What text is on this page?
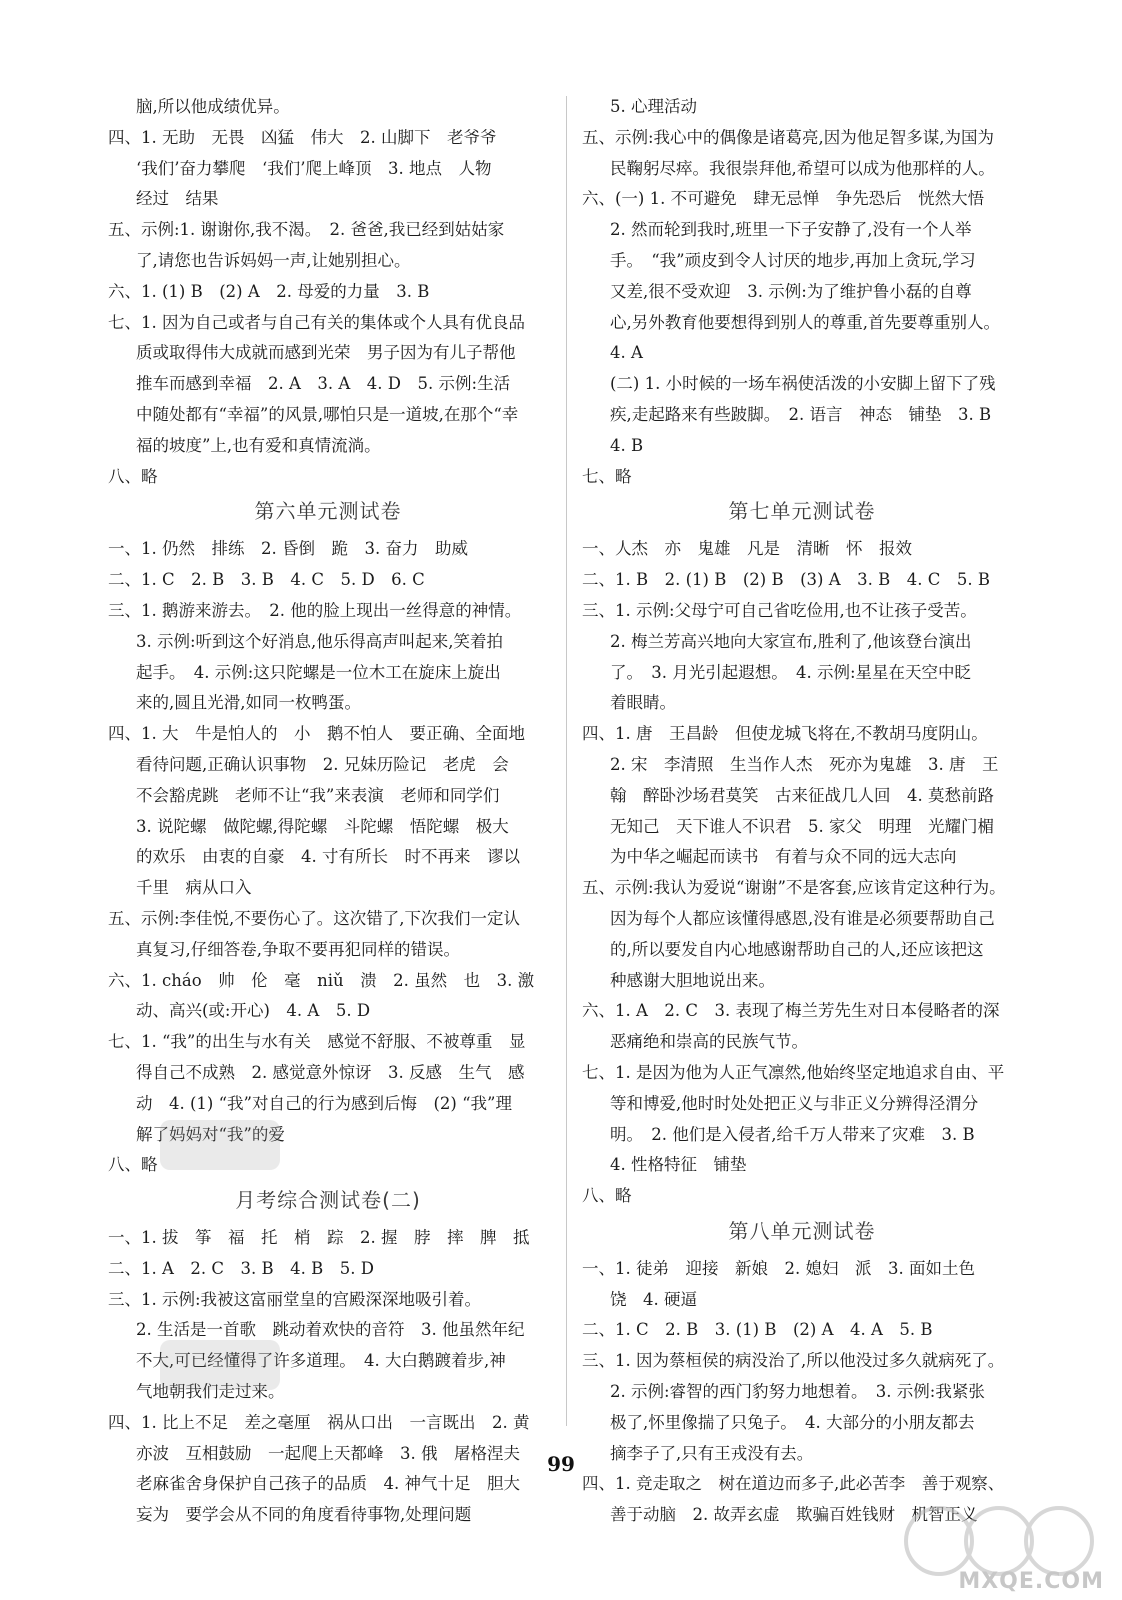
脑,所以他成绩优异。
四、1. 无助　无畏　凶猛　伟大　2. 山脚下　老爷爷
‘我们’奋力攀爬　‘我们’爬上峰顶　3. 地点　人物
经过　结果
五、示例:1. 谢谢你,我不渴。　2. 爸爸,我已经到姑姑家
了,请您也告诉妈妈一声,让她别担心。
六、1. (1) B　(2) A　2. 母爱的力量　3. B
七、1. 因为自己或者与自己有关的集体或个人具有优良品
质或取得伟大成就而感到光荣　男子因为有儿子帮他
推车而感到幸福　2. A　3. A　4. D　5. 示例:生活
中随处都有“幸福”的风景,哪怕只是一道坡,在那个“幸
福的坡度”上,也有爱和真情流淌。
八、略
第六单元测试卷
一、1. 仍然　排练　2. 昏倒　跪　3. 奋力　助威
二、1. C　2. B　3. B　4. C　5. D　6. C
三、1. 鹅游来游去。　2. 他的脸上现出一丝得意的神情。
3. 示例:听到这个好消息,他乐得高声叫起来,笑着拍
起手。　4. 示例:这只陀螺是一位木工在旋床上旋出
来的,圆且光滑,如同一枚鸭蛋。
四、1. 大　牛是怕人的　小　鹅不怕人　要正确、全面地
看待问题,正确认识事物　2. 兄妹历险记　老虎　会
不会豁虎跳　老师不让“我”来表演　老师和同学们
3. 说陀螺　做陀螺,得陀螺　斗陀螺　悟陀螺　极大
的欢乐　由衷的自豪　4. 寸有所长　时不再来　谬以
千里　病从口入
五、示例:李佳悦,不要伤心了。这次错了,下次我们一定认
真复习,仔细答卷,争取不要再犯同样的错误。
六、1. cháo　帅　伦　毫　niǔ　溃　2. 虽然　也　3. 激
动、高兴(或:开心)　4. A　5. D
七、1. “我”的出生与水有关　感觉不舒服、不被尊重　显
得自己不成熟　2. 感觉意外惊讶　3. 反感　生气　感
动　4. (1) “我”对自己的行为感到后悔　(2) “我”理
解了妈妈对“我”的爱
八、略
月考综合测试卷(二)
一、1. 拔　筝　福　托　梢　踪　2. 握　脖　摔　脾　抵
二、1. A　2. C　3. B　4. B　5. D
三、1. 示例:我被这富丽堂皇的宫殿深深地吸引着。
2. 生活是一首歌　跳动着欢快的音符　3. 他虽然年纪
不大,可已经懂得了许多道理。　4. 大白鹅踱着步,神
气地朝我们走过来。
四、1. 比上不足　差之毫厘　祸从口出　一言既出　2. 黄
亦波　互相鼓励　一起爬上天都峰　3. 俄　屠格涅夫
老麻雀舍身保护自己孩子的品质　4. 神气十足　胆大
妄为　要学会从不同的角度看待事物,处理问题
5. 心理活动
五、示例:我心中的偶像是诸葛亮,因为他足智多谋,为国为
民鞠躬尽瘁。我很崇拜他,希望可以成为他那样的人。
六、(一) 1. 不可避免　肆无忌惮　争先恐后　恍然大悟
2. 然而轮到我时,班里一下子安静了,没有一个人举
手。　“我”顽皮到令人讨厌的地步,再加上贪玩,学习
又差,很不受欢迎　3. 示例:为了维护鲁小磊的自尊
心,另外教育他要想得到别人的尊重,首先要尊重别人。
4. A
(二) 1. 小时候的一场车祸使活泼的小安脚上留下了残
疾,走起路来有些跛脚。　2. 语言　神态　铺垫　3. B
4. B
七、略
第七单元测试卷
一、人杰　亦　鬼雄　凡是　清晰　怀　报效
二、1. B　2. (1) B　(2) B　(3) A　3. B　4. C　5. B
三、1. 示例:父母宁可自己省吃俭用,也不让孩子受苦。
2. 梅兰芳高兴地向大家宣布,胜利了,他该登台演出
了。　3. 月光引起遐想。　4. 示例:星星在天空中眨
着眼睛。
四、1. 唐　王昌龄　但使龙城飞将在,不教胡马度阴山。
2. 宋　李清照　生当作人杰　死亦为鬼雄　3. 唐　王
翰　醉卧沙场君莫笑　古来征战几人回　4. 莫愁前路
无知己　天下谁人不识君　5. 家父　明理　光耀门楣
为中华之崛起而读书　有着与众不同的远大志向
五、示例:我认为爱说“谢谢”不是客套,应该肯定这种行为。
因为每个人都应该懂得感恩,没有谁是必须要帮助自己
的,所以要发自内心地感谢帮助自己的人,还应该把这
种感谢大胆地说出来。
六、1. A　2. C　3. 表现了梅兰芳先生对日本侵略者的深
恶痛绝和崇高的民族气节。
七、1. 是因为他为人正气凛然,他始终坚定地追求自由、平
等和博爱,他时时处处把正义与非正义分辨得泾渭分
明。　2. 他们是入侵者,给千万人带来了灾难　3. B
4. 性格特征　铺垫
八、略
第八单元测试卷
一、1. 徒弟　迎接　新娘　2. 媳妇　派　3. 面如土色
饶　4. 硬逼
二、1. C　2. B　3. (1) B　(2) A　4. A　5. B
三、1. 因为蔡桓侯的病没治了,所以他没过多久就病死了。
2. 示例:睿智的西门豹努力地想着。　3. 示例:我紧张
极了,怀里像揣了只兔子。　4. 大部分的小朋友都去
摘李子了,只有王戎没有去。
四、1. 竞走取之　树在道边而多子,此必苦李　善于观察、
善于动脑　2. 故弄玄虚　欺骗百姓钱财　机智正义
99
MXQE.COM
